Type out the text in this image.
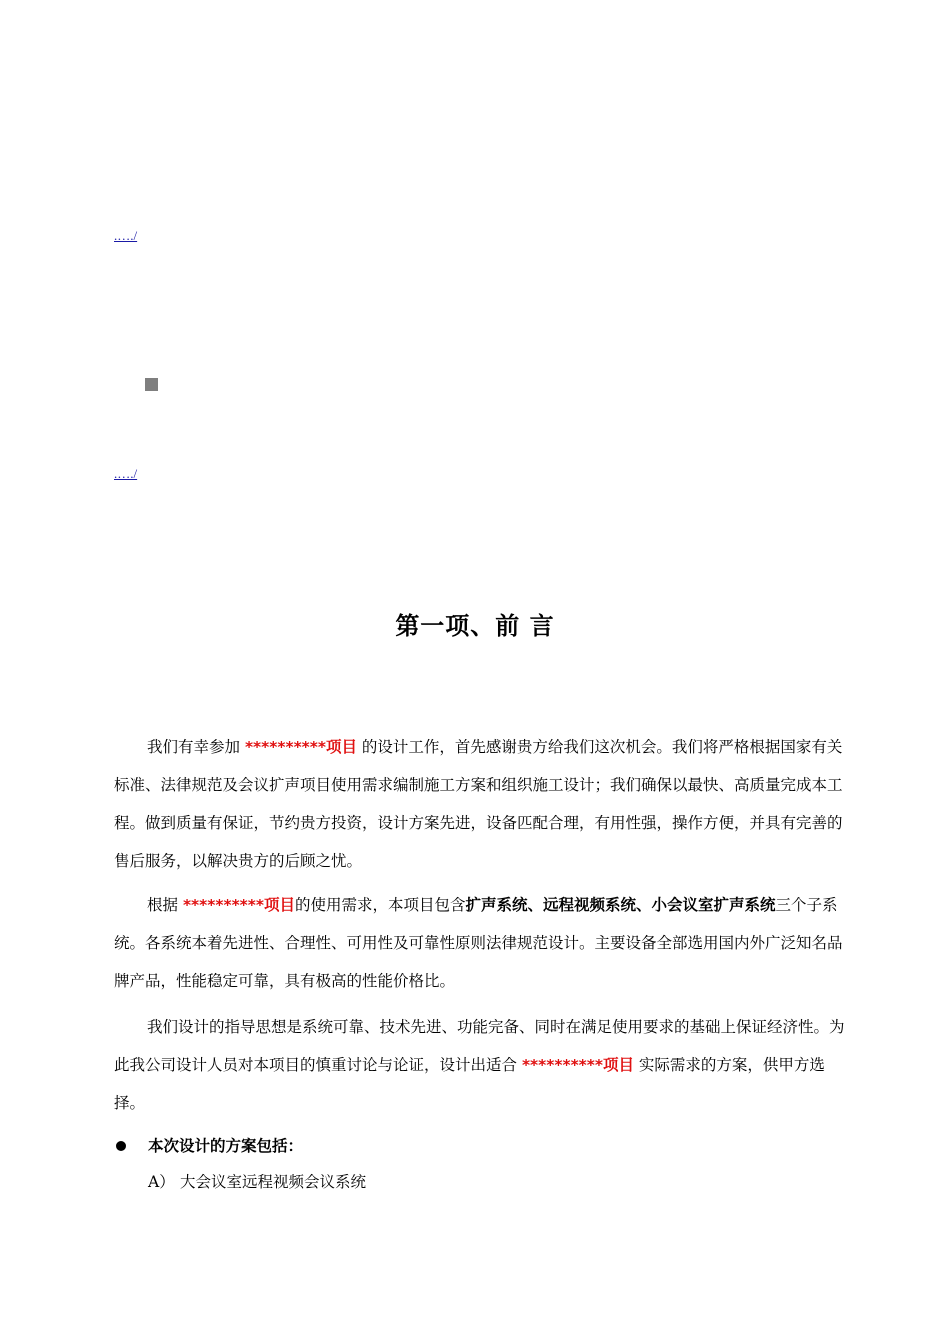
.…./
.…./
第一项、前 言

我们有幸参加 **********项目 的设计工作，首先感谢贵方给我们这次机会。我们将严格根据国家有关标准、法律规范及会议扩声项目使用需求编制施工方案和组织施工设计；我们确保以最快、高质量完成本工程。做到质量有保证，节约贵方投资，设计方案先进，设备匹配合理，有用性强，操作方便，并具有完善的售后服务，以解决贵方的后顾之忧。

根据 **********项目的使用需求，本项目包含扩声系统、远程视频系统、小会议室扩声系统三个子系统。各系统本着先进性、合理性、可用性及可靠性原则法律规范设计。主要设备全部选用国内外广泛知名品牌产品，性能稳定可靠，具有极高的性能价格比。

我们设计的指导思想是系统可靠、技术先进、功能完备、同时在满足使用要求的基础上保证经济性。为此我公司设计人员对本项目的慎重讨论与论证，设计出适合 **********项目 实际需求的方案，供甲方选择。

本次设计的方案包括：
A） 大会议室远程视频会议系统
